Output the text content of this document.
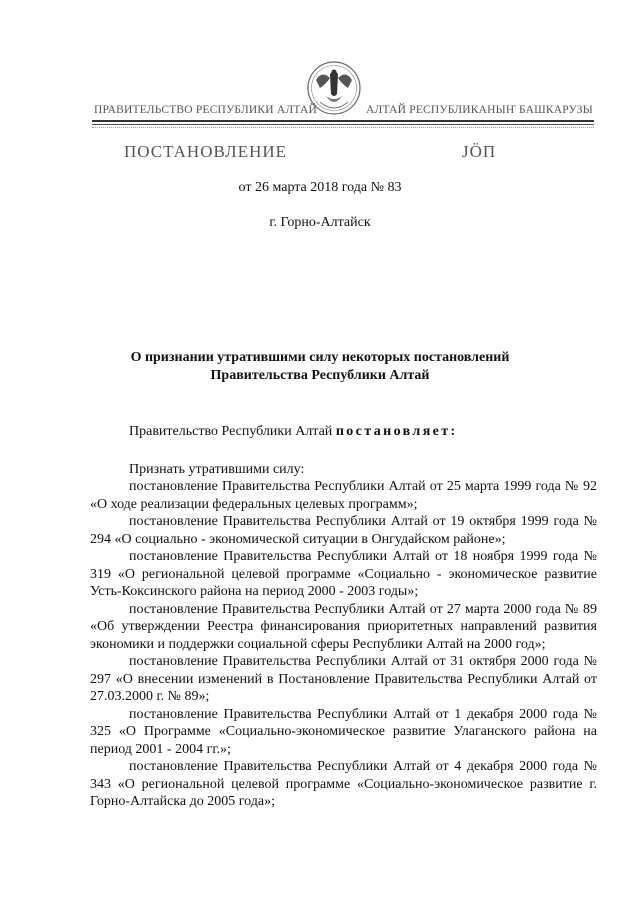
ПРАВИТЕЛЬСТВО РЕСПУБЛИКИ АЛТАЙ	АЛТАЙ РЕСПУБЛИКАНЫҤ БАШКАРУЗЫ
ПОСТАНОВЛЕНИЕ	ЈÖП
от 26 марта 2018 года № 83
г. Горно-Алтайск
О признании утратившими силу некоторых постановлений
Правительства Республики Алтай

Правительство Республики Алтай постановляет:

Признать утратившими силу:

постановление Правительства Республики Алтай от 25 марта 1999 года № 92 «О ходе реализации федеральных целевых программ»;

постановление Правительства Республики Алтай от 19 октября 1999 года № 294 «О социально - экономической ситуации в Онгудайском районе»;

постановление Правительства Республики Алтай от 18 ноября 1999 года № 319 «О региональной целевой программе «Социально - экономическое развитие Усть-Коксинского района на период 2000 - 2003 годы»;

постановление Правительства Республики Алтай от 27 марта 2000 года № 89 «Об утверждении Реестра финансирования приоритетных направлений развития экономики и поддержки социальной сферы Республики Алтай на 2000 год»;

постановление Правительства Республики Алтай от 31 октября 2000 года № 297 «О внесении изменений в Постановление Правительства Республики Алтай от 27.03.2000 г. № 89»;

постановление Правительства Республики Алтай от 1 декабря 2000 года № 325 «О Программе «Социально-экономическое развитие Улаганского района на период 2001 - 2004 гг.»;

постановление Правительства Республики Алтай от 4 декабря 2000 года № 343 «О региональной целевой программе «Социально-экономическое развитие г. Горно-Алтайска до 2005 года»;
